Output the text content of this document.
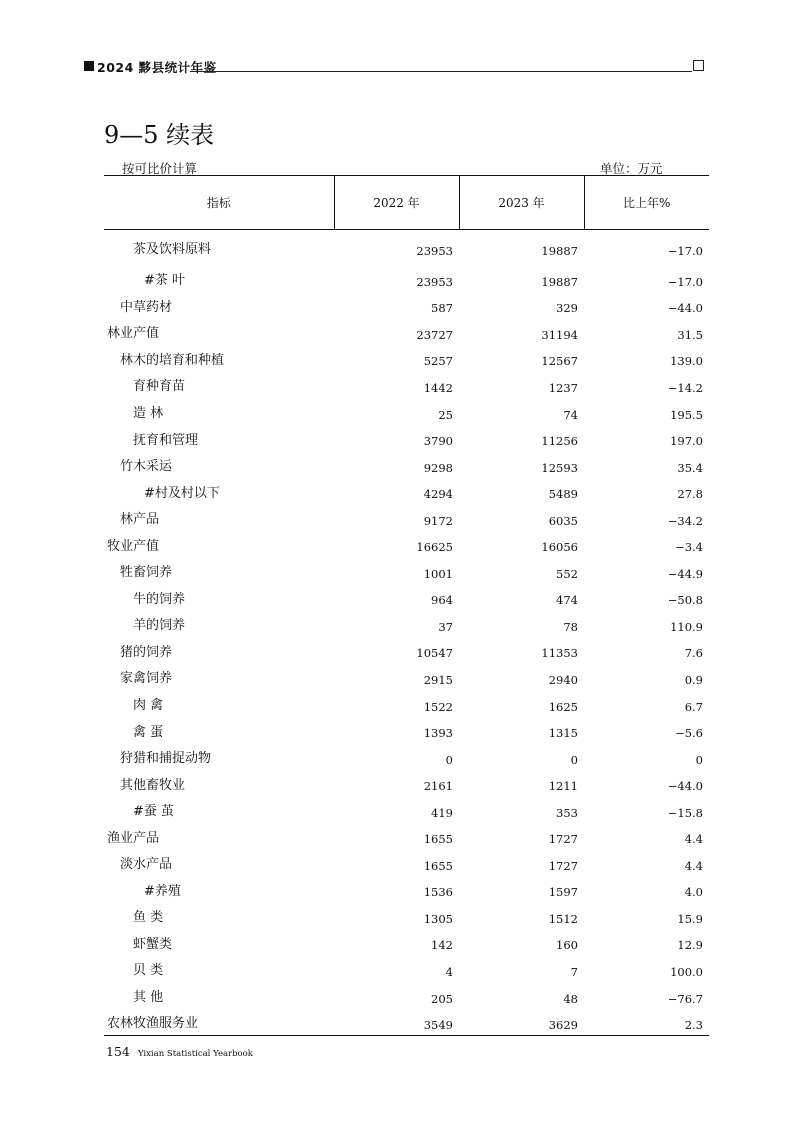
2024 黟县统计年鉴
9—5 续表
按可比价计算	单位：万元
指标	2022 年	2023 年	比上年%
茶及饮料原料	23953	19887	−17.0
#茶 叶	23953	19887	−17.0
中草药材	587	329	−44.0
林业产值	23727	31194	31.5
林木的培育和种植	5257	12567	139.0
育种育苗	1442	1237	−14.2
造 林	25	74	195.5
抚育和管理	3790	11256	197.0
竹木采运	9298	12593	35.4
#村及村以下	4294	5489	27.8
林产品	9172	6035	−34.2
牧业产值	16625	16056	−3.4
牲畜饲养	1001	552	−44.9
牛的饲养	964	474	−50.8
羊的饲养	37	78	110.9
猪的饲养	10547	11353	7.6
家禽饲养	2915	2940	0.9
肉 禽	1522	1625	6.7
禽 蛋	1393	1315	−5.6
狩猎和捕捉动物	0	0	0
其他畜牧业	2161	1211	−44.0
#蚕 茧	419	353	−15.8
渔业产品	1655	1727	4.4
淡水产品	1655	1727	4.4
#养殖	1536	1597	4.0
鱼 类	1305	1512	15.9
虾蟹类	142	160	12.9
贝 类	4	7	100.0
其 他	205	48	−76.7
农林牧渔服务业	3549	3629	2.3
154 Yixian Statistical Yearbook
